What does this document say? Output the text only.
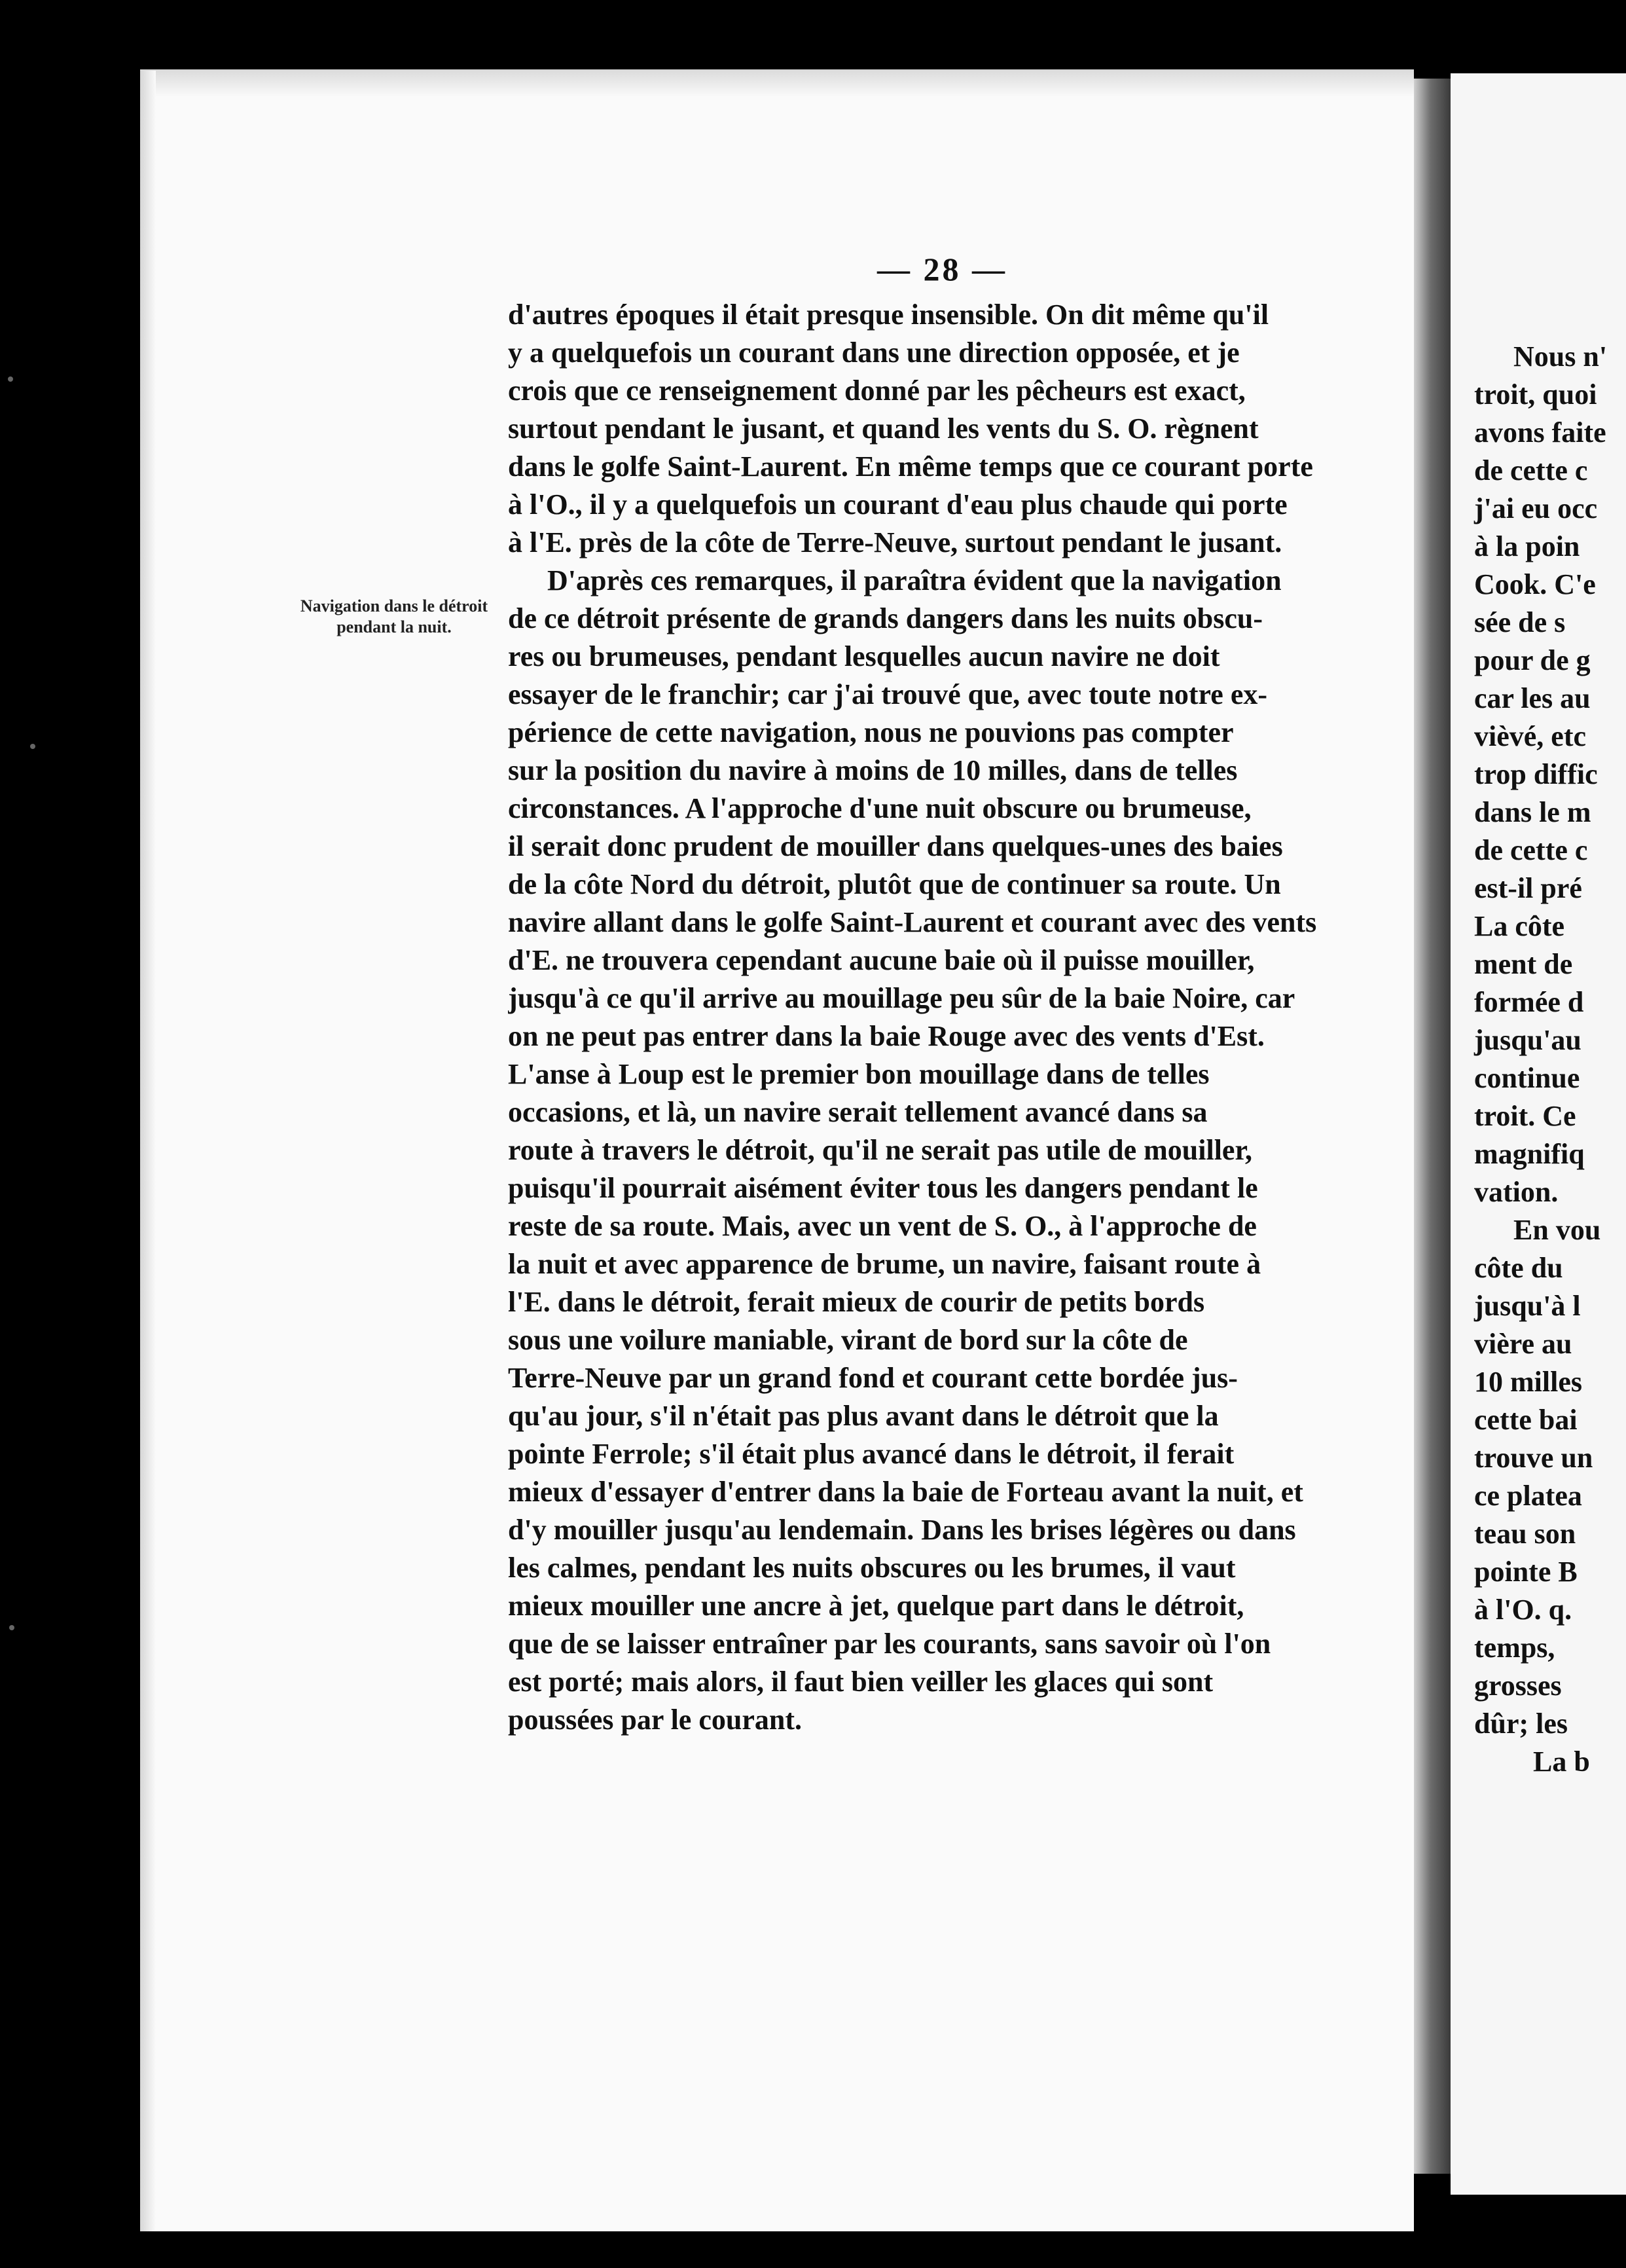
— 28 —
Navigation dans le détroit pendant la nuit.
d'autres époques il était presque insensible. On dit même qu'il
y a quelquefois un courant dans une direction opposée, et je
crois que ce renseignement donné par les pêcheurs est exact,
surtout pendant le jusant, et quand les vents du S. O. règnent
dans le golfe Saint-Laurent. En même temps que ce courant porte
à l'O., il y a quelquefois un courant d'eau plus chaude qui porte
à l'E. près de la côte de Terre-Neuve, surtout pendant le jusant.
D'après ces remarques, il paraîtra évident que la navigation
de ce détroit présente de grands dangers dans les nuits obscu-
res ou brumeuses, pendant lesquelles aucun navire ne doit
essayer de le franchir; car j'ai trouvé que, avec toute notre ex-
périence de cette navigation, nous ne pouvions pas compter
sur la position du navire à moins de 10 milles, dans de telles
circonstances. A l'approche d'une nuit obscure ou brumeuse,
il serait donc prudent de mouiller dans quelques-unes des baies
de la côte Nord du détroit, plutôt que de continuer sa route. Un
navire allant dans le golfe Saint-Laurent et courant avec des vents
d'E. ne trouvera cependant aucune baie où il puisse mouiller,
jusqu'à ce qu'il arrive au mouillage peu sûr de la baie Noire, car
on ne peut pas entrer dans la baie Rouge avec des vents d'Est.
L'anse à Loup est le premier bon mouillage dans de telles
occasions, et là, un navire serait tellement avancé dans sa
route à travers le détroit, qu'il ne serait pas utile de mouiller,
puisqu'il pourrait aisément éviter tous les dangers pendant le
reste de sa route. Mais, avec un vent de S. O., à l'approche de
la nuit et avec apparence de brume, un navire, faisant route à
l'E. dans le détroit, ferait mieux de courir de petits bords
sous une voilure maniable, virant de bord sur la côte de
Terre-Neuve par un grand fond et courant cette bordée jus-
qu'au jour, s'il n'était pas plus avant dans le détroit que la
pointe Ferrole; s'il était plus avancé dans le détroit, il ferait
mieux d'essayer d'entrer dans la baie de Forteau avant la nuit, et
d'y mouiller jusqu'au lendemain. Dans les brises légères ou dans
les calmes, pendant les nuits obscures ou les brumes, il vaut
mieux mouiller une ancre à jet, quelque part dans le détroit,
que de se laisser entraîner par les courants, sans savoir où l'on
est porté; mais alors, il faut bien veiller les glaces qui sont
poussées par le courant.
Nous n'
troit, quoi
avons faite
de cette c
j'ai eu occ
à la poin
Cook. C'e
sée de s
pour de g
car les au
vièvé, etc
trop diffic
dans le m
de cette c
est-il pré
La côte
ment de
formée d
jusqu'au
continue
troit. Ce
magnifiq
vation.
En vou
côte du
jusqu'à l
vière au
10 milles
cette bai
trouve un
ce platea
teau son
pointe B
à l'O. q.
temps,
grosses
dûr; les
La b
